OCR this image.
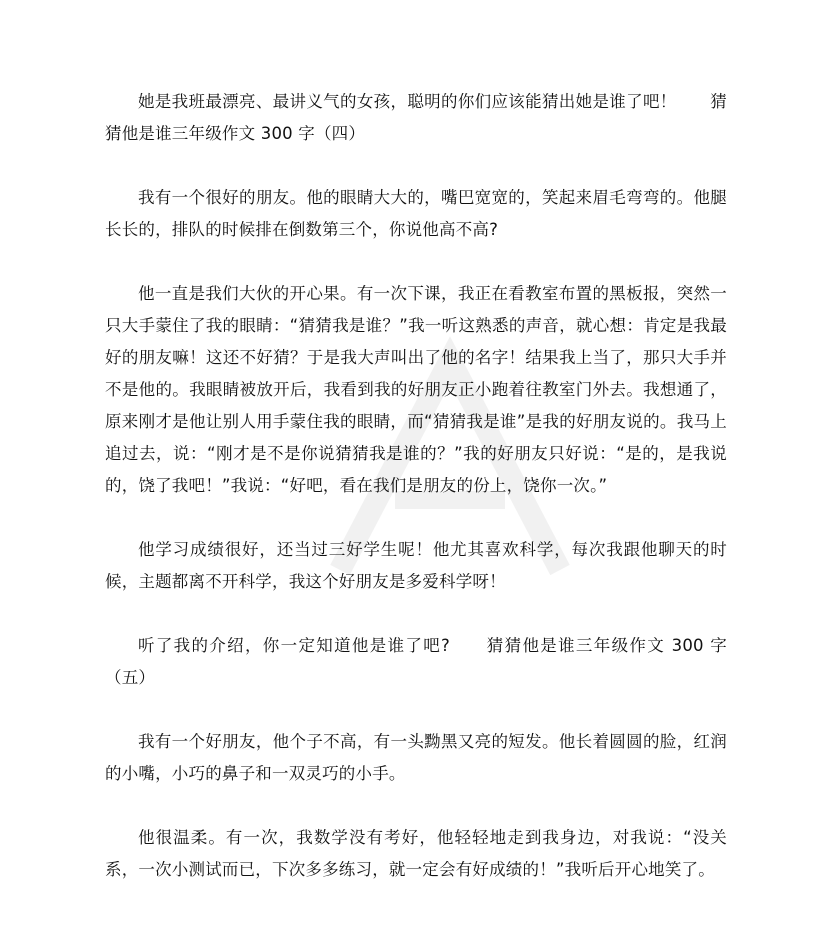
她是我班最漂亮、最讲义气的女孩，聪明的你们应该能猜出她是谁了吧！　　猜猜他是谁三年级作文 300 字（四）

我有一个很好的朋友。他的眼睛大大的，嘴巴宽宽的，笑起来眉毛弯弯的。他腿长长的，排队的时候排在倒数第三个，你说他高不高?

他一直是我们大伙的开心果。有一次下课，我正在看教室布置的黑板报，突然一只大手蒙住了我的眼睛：“猜猜我是谁？”我一听这熟悉的声音，就心想：肯定是我最好的朋友嘛！这还不好猜？于是我大声叫出了他的名字！结果我上当了，那只大手并不是他的。我眼睛被放开后，我看到我的好朋友正小跑着往教室门外去。我想通了，原来刚才是他让别人用手蒙住我的眼睛，而“猜猜我是谁”是我的好朋友说的。我马上追过去，说：“刚才是不是你说猜猜我是谁的？”我的好朋友只好说：“是的，是我说的，饶了我吧！”我说：“好吧，看在我们是朋友的份上，饶你一次。”

他学习成绩很好，还当过三好学生呢！他尤其喜欢科学，每次我跟他聊天的时候，主题都离不开科学，我这个好朋友是多爱科学呀！

听了我的介绍，你一定知道他是谁了吧?　　猜猜他是谁三年级作文 300 字（五）

我有一个好朋友，他个子不高，有一头黝黑又亮的短发。他长着圆圆的脸，红润的小嘴，小巧的鼻子和一双灵巧的小手。

他很温柔。有一次，我数学没有考好，他轻轻地走到我身边，对我说：“没关系，一次小测试而已，下次多多练习，就一定会有好成绩的！”我听后开心地笑了。
